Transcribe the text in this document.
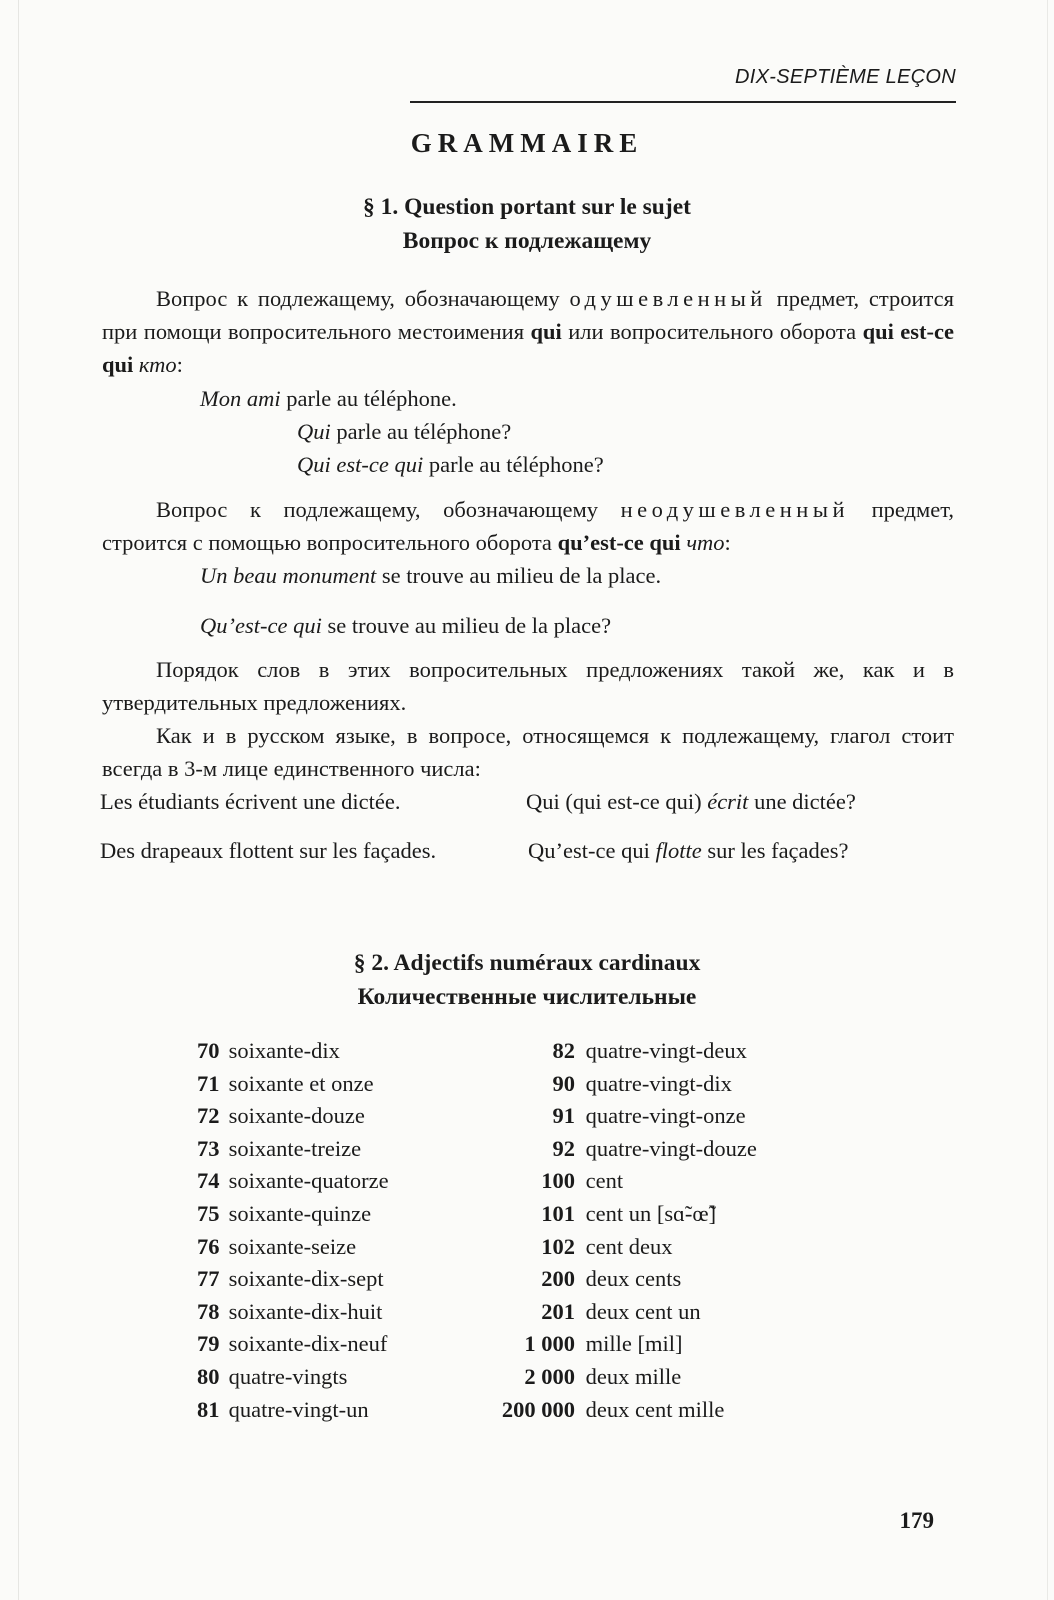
DIX-SEPTIÈME LEÇON
GRAMMAIRE
§ 1. Question portant sur le sujet
Вопрос к подлежащему
Вопрос к подлежащему, обозначающему одушевленный предмет, строится при помощи вопросительного местоимения qui или вопросительного оборота qui est-ce qui кто:
Mon ami parle au téléphone.
Qui parle au téléphone?
Qui est-ce qui parle au téléphone?
Вопрос к подлежащему, обозначающему неодушевленный предмет, строится с помощью вопросительного оборота qu’est-ce qui что:
Un beau monument se trouve au milieu de la place.
Qu’est-ce qui se trouve au milieu de la place?
Порядок слов в этих вопросительных предложениях такой же, как и в утвердительных предложениях.
Как и в русском языке, в вопросе, относящемся к подлежащему, глагол стоит всегда в 3-м лице единственного числа:
Les étudiants écrivent une dictée.	Qui (qui est-ce qui) écrit une dictée?
Des drapeaux flottent sur les façades.	Qu’est-ce qui flotte sur les façades?
§ 2. Adjectifs numéraux cardinaux
Количественные числительные
70 soixante-dix
71 soixante et onze
72 soixante-douze
73 soixante-treize
74 soixante-quatorze
75 soixante-quinze
76 soixante-seize
77 soixante-dix-sept
78 soixante-dix-huit
79 soixante-dix-neuf
80 quatre-vingts
81 quatre-vingt-un
82 quatre-vingt-deux
90 quatre-vingt-dix
91 quatre-vingt-onze
92 quatre-vingt-douze
100 cent
101 cent un [sɑ̃-œ̃]
102 cent deux
200 deux cents
201 deux cent un
1 000 mille [mil]
2 000 deux mille
200 000 deux cent mille
179
